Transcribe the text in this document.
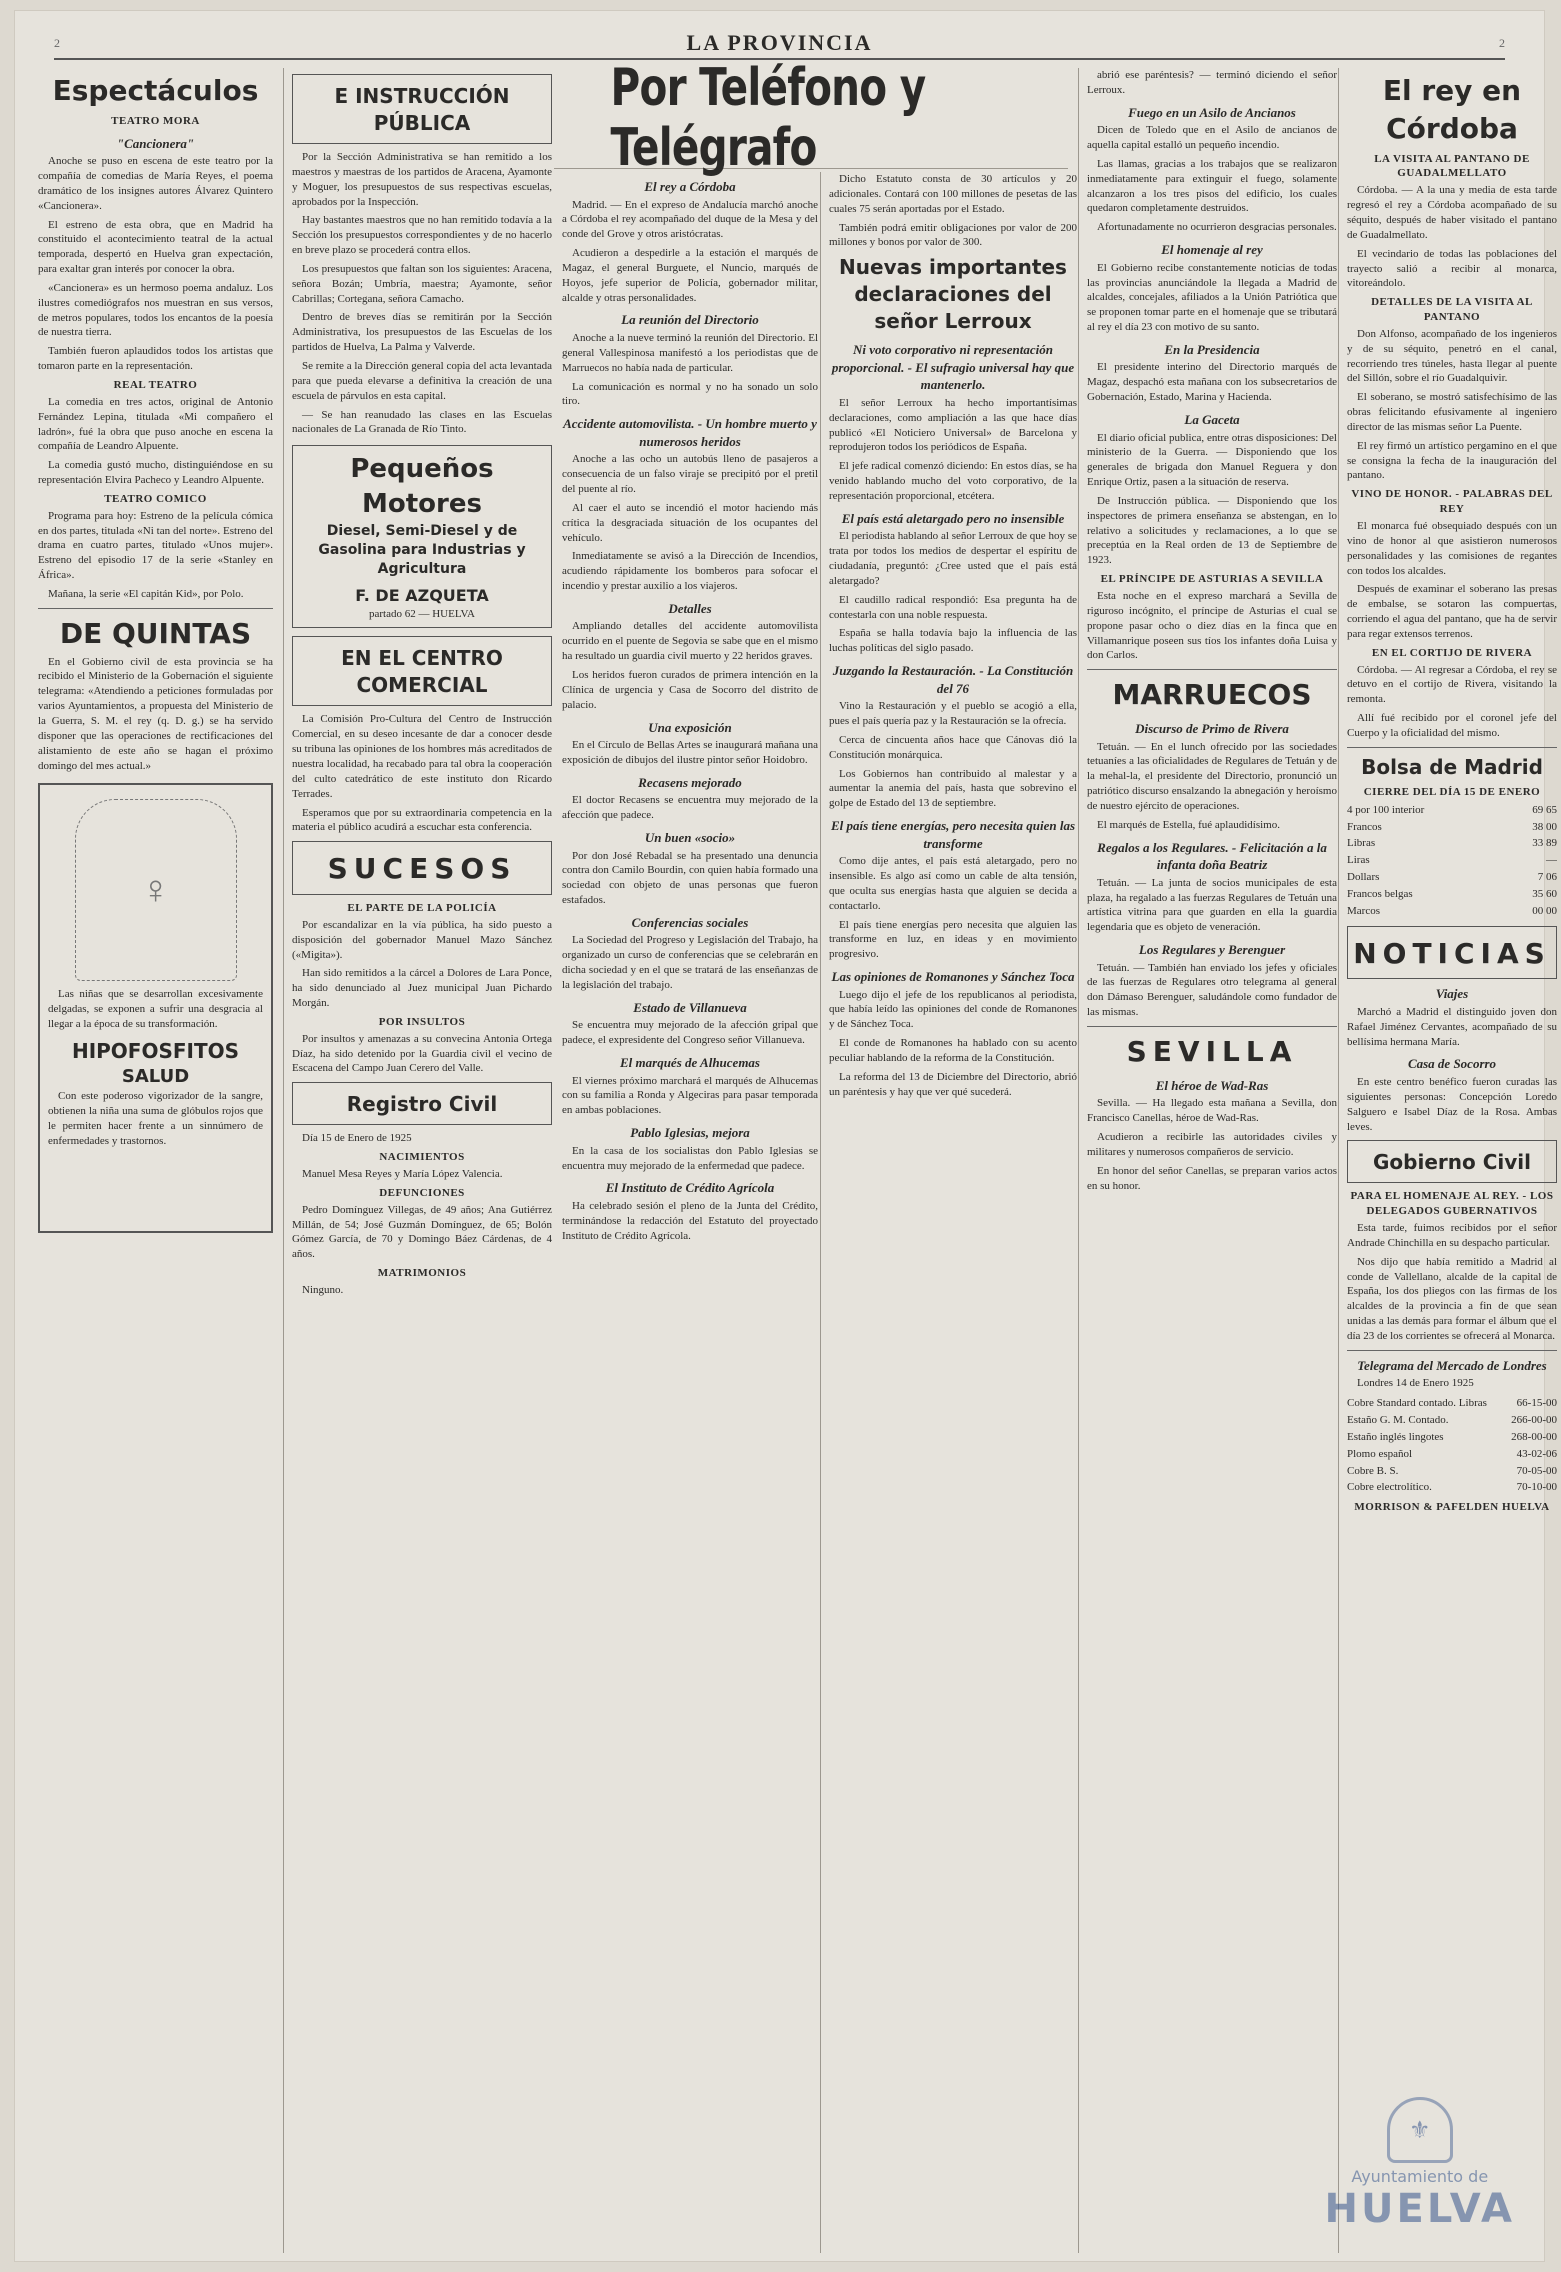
2	LA PROVINCIA	2
Espectáculos
TEATRO MORA
"Cancionera"

Anoche se puso en escena de este teatro por la compañía de comedias de María Reyes, el poema dramático de los insignes autores Álvarez Quintero «Cancionera».

El estreno de esta obra, que en Madrid ha constituido el acontecimiento teatral de la actual temporada, despertó en Huelva gran expectación, para exaltar gran interés por conocer la obra.

«Cancionera» es un hermoso poema andaluz. Los ilustres comediógrafos nos muestran en sus versos, de metros populares, todos los encantos de la poesía de nuestra tierra.

También fueron aplaudidos todos los artistas que tomaron parte en la representación.

REAL TEATRO

La comedia en tres actos, original de Antonio Fernández Lepina, titulada «Mi compañero el ladrón», fué la obra que puso anoche en escena la compañía de Leandro Alpuente.

La comedia gustó mucho, distinguiéndose en su representación Elvira Pacheco y Leandro Alpuente.

TEATRO COMICO

Programa para hoy: Estreno de la película cómica en dos partes, titulada «Ni tan del norte». Estreno del drama en cuatro partes, titulado «Unos mujer». Estreno del episodio 17 de la serie «Stanley en África».

Mañana, la serie «El capitán Kid», por Polo.

DE QUINTAS

En el Gobierno civil de esta provincia se ha recibido el Ministerio de la Gobernación el siguiente telegrama: «Atendiendo a peticiones formuladas por varios Ayuntamientos, a propuesta del Ministerio de la Guerra, S. M. el rey (q. D. g.) se ha servido disponer que las operaciones de rectificaciones del alistamiento de este año se hagan el próximo domingo del mes actual.»

♀

Las niñas que se desarrollan excesivamente delgadas, se exponen a sufrir una desgracia al llegar a la época de su transformación.

HIPOFOSFITOS
SALUD

Con este poderoso vigorizador de la sangre, obtienen la niña una suma de glóbulos rojos que le permiten hacer frente a un sinnúmero de enfermedades y trastornos.

E INSTRUCCIÓN PÚBLICA

Por la Sección Administrativa se han remitido a los maestros y maestras de los partidos de Aracena, Ayamonte y Moguer, los presupuestos de sus respectivas escuelas, aprobados por la Inspección.

Hay bastantes maestros que no han remitido todavía a la Sección los presupuestos correspondientes y de no hacerlo en breve plazo se procederá contra ellos.

Los presupuestos que faltan son los siguientes: Aracena, señora Bozán; Umbría, maestra; Ayamonte, señor Cabrillas; Cortegana, señora Camacho.

Dentro de breves días se remitirán por la Sección Administrativa, los presupuestos de las Escuelas de los partidos de Huelva, La Palma y Valverde.

Se remite a la Dirección general copia del acta levantada para que pueda elevarse a definitiva la creación de una escuela de párvulos en esta capital.

— Se han reanudado las clases en las Escuelas nacionales de La Granada de Río Tinto.

Pequeños Motores
Diesel, Semi-Diesel y de Gasolina para Industrias y Agricultura
F. DE AZQUETA
partado 62 — HUELVA
EN EL CENTRO COMERCIAL

La Comisión Pro-Cultura del Centro de Instrucción Comercial, en su deseo incesante de dar a conocer desde su tribuna las opiniones de los hombres más acreditados de nuestra localidad, ha recabado para tal obra la cooperación del culto catedrático de este instituto don Ricardo Terrades.

Esperamos que por su extraordinaria competencia en la materia el público acudirá a escuchar esta conferencia.

SUCESOS
EL PARTE DE LA POLICÍA

Por escandalizar en la vía pública, ha sido puesto a disposición del gobernador Manuel Mazo Sánchez («Migita»).

Han sido remitidos a la cárcel a Dolores de Lara Ponce, ha sido denunciado al Juez municipal Juan Pichardo Morgán.

POR INSULTOS

Por insultos y amenazas a su convecina Antonia Ortega Díaz, ha sido detenido por la Guardia civil el vecino de Escacena del Campo Juan Cerero del Valle.

Registro Civil

Día 15 de Enero de 1925

NACIMIENTOS

Manuel Mesa Reyes y María López Valencia.

DEFUNCIONES

Pedro Domínguez Villegas, de 49 años; Ana Gutiérrez Millán, de 54; José Guzmán Domínguez, de 65; Bolón Gómez García, de 70 y Domingo Báez Cárdenas, de 4 años.

MATRIMONIOS

Ninguno.

Por Teléfono y Telégrafo
El rey a Córdoba

Madrid. — En el expreso de Andalucía marchó anoche a Córdoba el rey acompañado del duque de la Mesa y del conde del Grove y otros aristócratas.

Acudieron a despedirle a la estación el marqués de Magaz, el general Burguete, el Nuncio, marqués de Hoyos, jefe superior de Policía, gobernador militar, alcalde y otras personalidades.

La reunión del Directorio

Anoche a la nueve terminó la reunión del Directorio. El general Vallespinosa manifestó a los periodistas que de Marruecos no había nada de particular.

La comunicación es normal y no ha sonado un solo tiro.

Accidente automovilista. - Un hombre muerto y numerosos heridos

Anoche a las ocho un autobús lleno de pasajeros a consecuencia de un falso viraje se precipitó por el pretil del puente al río.

Al caer el auto se incendió el motor haciendo más crítica la desgraciada situación de los ocupantes del vehículo.

Inmediatamente se avisó a la Dirección de Incendios, acudiendo rápidamente los bomberos para sofocar el incendio y prestar auxilio a los viajeros.

Detalles

Ampliando detalles del accidente automovilista ocurrido en el puente de Segovia se sabe que en el mismo ha resultado un guardia civil muerto y 22 heridos graves.

Los heridos fueron curados de primera intención en la Clínica de urgencia y Casa de Socorro del distrito de palacio.

Una exposición

En el Círculo de Bellas Artes se inaugurará mañana una exposición de dibujos del ilustre pintor señor Hoidobro.

Recasens mejorado

El doctor Recasens se encuentra muy mejorado de la afección que padece.

Un buen «socio»

Por don José Rebadal se ha presentado una denuncia contra don Camilo Bourdin, con quien había formado una sociedad con objeto de unas personas que fueron estafados.

Conferencias sociales

La Sociedad del Progreso y Legislación del Trabajo, ha organizado un curso de conferencias que se celebrarán en dicha sociedad y en el que se tratará de las enseñanzas de la legislación del trabajo.

Estado de Villanueva

Se encuentra muy mejorado de la afección gripal que padece, el expresidente del Congreso señor Villanueva.

El marqués de Alhucemas

El viernes próximo marchará el marqués de Alhucemas con su familia a Ronda y Algeciras para pasar temporada en ambas poblaciones.

Pablo Iglesias, mejora

En la casa de los socialistas don Pablo Iglesias se encuentra muy mejorado de la enfermedad que padece.

El Instituto de Crédito Agrícola

Ha celebrado sesión el pleno de la Junta del Crédito, terminándose la redacción del Estatuto del proyectado Instituto de Crédito Agrícola.

Dicho Estatuto consta de 30 artículos y 20 adicionales. Contará con 100 millones de pesetas de las cuales 75 serán aportadas por el Estado.

También podrá emitir obligaciones por valor de 200 millones y bonos por valor de 300.

Nuevas importantes declaraciones del señor Lerroux
Ni voto corporativo ni representación proporcional. - El sufragio universal hay que mantenerlo.

El señor Lerroux ha hecho importantísimas declaraciones, como ampliación a las que hace días publicó «El Noticiero Universal» de Barcelona y reprodujeron todos los periódicos de España.

El jefe radical comenzó diciendo: En estos días, se ha venido hablando mucho del voto corporativo, de la representación proporcional, etcétera.

El país está aletargado pero no insensible

El periodista hablando al señor Lerroux de que hoy se trata por todos los medios de despertar el espíritu de ciudadanía, preguntó: ¿Cree usted que el país está aletargado?

El caudillo radical respondió: Esa pregunta ha de contestarla con una noble respuesta.

España se halla todavía bajo la influencia de las luchas políticas del siglo pasado.

Juzgando la Restauración. - La Constitución del 76

Vino la Restauración y el pueblo se acogió a ella, pues el país quería paz y la Restauración se la ofrecía.

Cerca de cincuenta años hace que Cánovas dió la Constitución monárquica.

Los Gobiernos han contribuido al malestar y a aumentar la anemia del país, hasta que sobrevino el golpe de Estado del 13 de septiembre.

El país tiene energías, pero necesita quien las transforme

Como dije antes, el país está aletargado, pero no insensible. Es algo así como un cable de alta tensión, que oculta sus energías hasta que alguien se decida a contactarlo.

El país tiene energías pero necesita que alguien las transforme en luz, en ideas y en movimiento progresivo.

Las opiniones de Romanones y Sánchez Toca

Luego dijo el jefe de los republicanos al periodista, que había leído las opiniones del conde de Romanones y de Sánchez Toca.

El conde de Romanones ha hablado con su acento peculiar hablando de la reforma de la Constitución.

La reforma del 13 de Diciembre del Directorio, abrió un paréntesis y hay que ver qué sucederá.

abrió ese paréntesis? — terminó diciendo el señor Lerroux.

Fuego en un Asilo de Ancianos

Dicen de Toledo que en el Asilo de ancianos de aquella capital estalló un pequeño incendio.

Las llamas, gracias a los trabajos que se realizaron inmediatamente para extinguir el fuego, solamente alcanzaron a los tres pisos del edificio, los cuales quedaron completamente destruidos.

Afortunadamente no ocurrieron desgracias personales.

El homenaje al rey

El Gobierno recibe constantemente noticias de todas las provincias anunciándole la llegada a Madrid de alcaldes, concejales, afiliados a la Unión Patriótica que se proponen tomar parte en el homenaje que se tributará al rey el día 23 con motivo de su santo.

En la Presidencia

El presidente interino del Directorio marqués de Magaz, despachó esta mañana con los subsecretarios de Gobernación, Estado, Marina y Hacienda.

La Gaceta

El diario oficial publica, entre otras disposiciones: Del ministerio de la Guerra. — Disponiendo que los generales de brigada don Manuel Reguera y don Enrique Ortiz, pasen a la situación de reserva.

De Instrucción pública. — Disponiendo que los inspectores de primera enseñanza se abstengan, en lo relativo a solicitudes y reclamaciones, a lo que se preceptúa en la Real orden de 13 de Septiembre de 1923.

EL PRÍNCIPE DE ASTURIAS A SEVILLA

Esta noche en el expreso marchará a Sevilla de riguroso incógnito, el príncipe de Asturias el cual se propone pasar ocho o diez días en la finca que en Villamanrique poseen sus tíos los infantes doña Luisa y don Carlos.

MARRUECOS
Discurso de Primo de Rivera

Tetuán. — En el lunch ofrecido por las sociedades tetuaníes a las oficialidades de Regulares de Tetuán y de la mehal-la, el presidente del Directorio, pronunció un patriótico discurso ensalzando la abnegación y heroísmo de nuestro ejército de operaciones.

El marqués de Estella, fué aplaudidísimo.

Regalos a los Regulares. - Felicitación a la infanta doña Beatriz

Tetuán. — La junta de socios municipales de esta plaza, ha regalado a las fuerzas Regulares de Tetuán una artística vitrina para que guarden en ella la guardia legendaria que es objeto de veneración.

Los Regulares y Berenguer

Tetuán. — También han enviado los jefes y oficiales de las fuerzas de Regulares otro telegrama al general don Dámaso Berenguer, saludándole como fundador de las mismas.

SEVILLA
El héroe de Wad-Ras

Sevilla. — Ha llegado esta mañana a Sevilla, don Francisco Canellas, héroe de Wad-Ras.

Acudieron a recibirle las autoridades civiles y militares y numerosos compañeros de servicio.

En honor del señor Canellas, se preparan varios actos en su honor.

El rey en Córdoba
LA VISITA AL PANTANO DE GUADALMELLATO

Córdoba. — A la una y media de esta tarde regresó el rey a Córdoba acompañado de su séquito, después de haber visitado el pantano de Guadalmellato.

El vecindario de todas las poblaciones del trayecto salió a recibir al monarca, vitoreándolo.

DETALLES DE LA VISITA AL PANTANO

Don Alfonso, acompañado de los ingenieros y de su séquito, penetró en el canal, recorriendo tres túneles, hasta llegar al puente del Sillón, sobre el río Guadalquivir.

El soberano, se mostró satisfechísimo de las obras felicitando efusivamente al ingeniero director de las mismas señor La Puente.

El rey firmó un artístico pergamino en el que se consigna la fecha de la inauguración del pantano.

VINO DE HONOR. - PALABRAS DEL REY

El monarca fué obsequiado después con un vino de honor al que asistieron numerosos personalidades y las comisiones de regantes con todos los alcaldes.

Después de examinar el soberano las presas de embalse, se sotaron las compuertas, corriendo el agua del pantano, que ha de servir para regar extensos terrenos.

EN EL CORTIJO DE RIVERA

Córdoba. — Al regresar a Córdoba, el rey se detuvo en el cortijo de Rivera, visitando la remonta.

Allí fué recibido por el coronel jefe del Cuerpo y la oficialidad del mismo.

Bolsa de Madrid
CIERRE DEL DÍA 15 DE ENERO
4 por 100 interior	69 65
Francos	38 00
Libras	33 89
Liras	—
Dollars	7 06
Francos belgas	35 60
Marcos	00 00
NOTICIAS
Viajes

Marchó a Madrid el distinguido joven don Rafael Jiménez Cervantes, acompañado de su bellísima hermana María.

Casa de Socorro

En este centro benéfico fueron curadas las siguientes personas: Concepción Loredo Salguero e Isabel Díaz de la Rosa. Ambas leves.

Gobierno Civil
PARA EL HOMENAJE AL REY. - LOS DELEGADOS GUBERNATIVOS

Esta tarde, fuimos recibidos por el señor Andrade Chinchilla en su despacho particular.

Nos dijo que había remitido a Madrid al conde de Vallellano, alcalde de la capital de España, los dos pliegos con las firmas de los alcaldes de la provincia a fin de que sean unidas a las demás para formar el álbum que el día 23 de los corrientes se ofrecerá al Monarca.

Telegrama del Mercado de Londres

Londres 14 de Enero 1925

Cobre Standard contado. Libras	66-15-00
Estaño G. M. Contado.	266-00-00
Estaño inglés lingotes	268-00-00
Plomo español	43-02-06
Cobre B. S.	70-05-00
Cobre electrolítico.	70-10-00
MORRISON & PAFELDEN HUELVA
⚜
Ayuntamiento de
HUELVA
